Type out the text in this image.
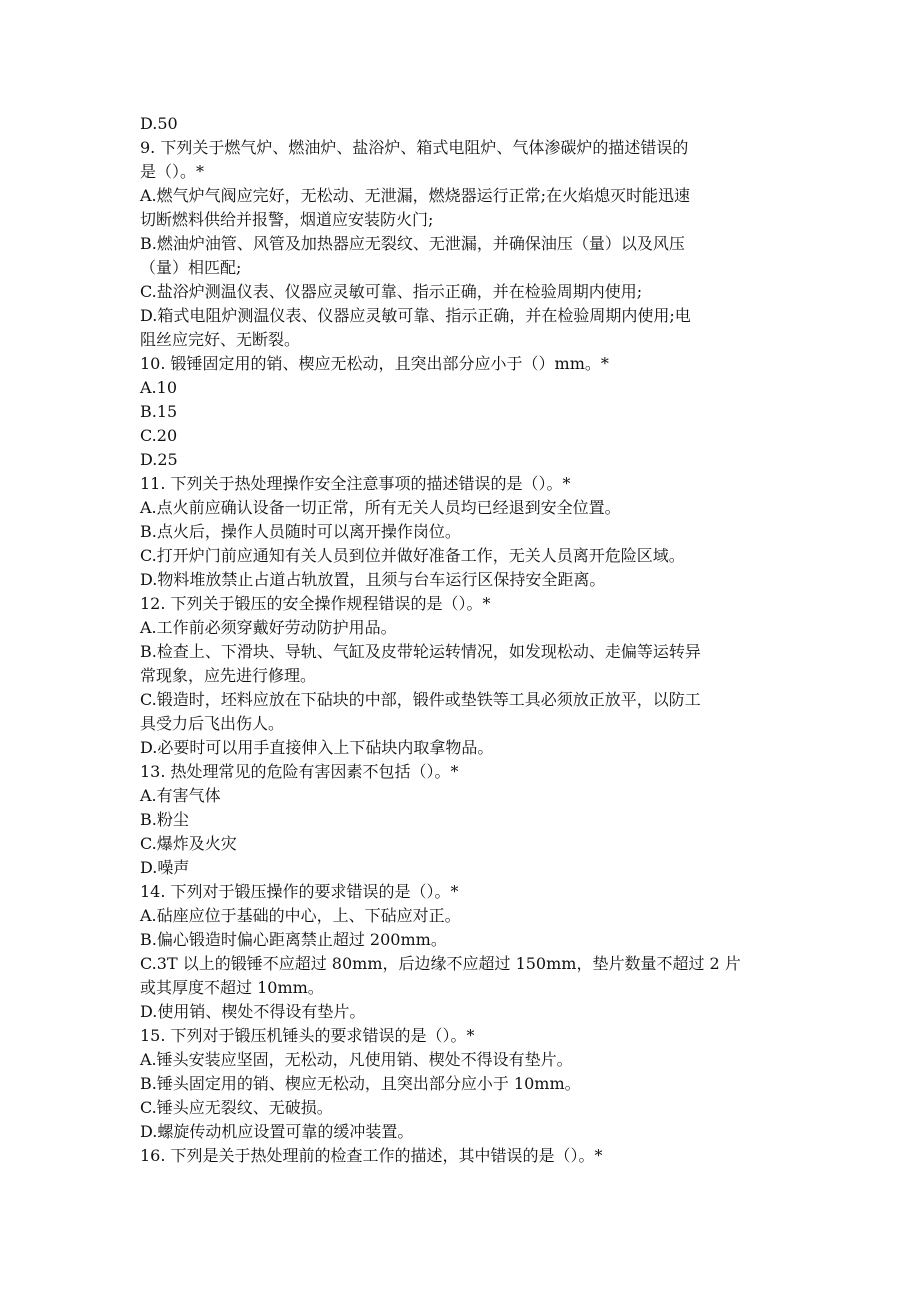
D.50
9. 下列关于燃气炉、燃油炉、盐浴炉、箱式电阻炉、气体渗碳炉的描述错误的
是（）。*
A.燃气炉气阀应完好，无松动、无泄漏，燃烧器运行正常;在火焰熄灭时能迅速
切断燃料供给并报警，烟道应安装防火门;
B.燃油炉油管、风管及加热器应无裂纹、无泄漏，并确保油压（量）以及风压
（量）相匹配;
C.盐浴炉测温仪表、仪器应灵敏可靠、指示正确，并在检验周期内使用;
D.箱式电阻炉测温仪表、仪器应灵敏可靠、指示正确，并在检验周期内使用;电
阻丝应完好、无断裂。
10. 锻锤固定用的销、楔应无松动，且突出部分应小于（）mm。*
A.10
B.15
C.20
D.25
11. 下列关于热处理操作安全注意事项的描述错误的是（）。*
A.点火前应确认设备一切正常，所有无关人员均已经退到安全位置。
B.点火后，操作人员随时可以离开操作岗位。
C.打开炉门前应通知有关人员到位并做好准备工作，无关人员离开危险区域。
D.物料堆放禁止占道占轨放置，且须与台车运行区保持安全距离。
12. 下列关于锻压的安全操作规程错误的是（）。*
A.工作前必须穿戴好劳动防护用品。
B.检查上、下滑块、导轨、气缸及皮带轮运转情况，如发现松动、走偏等运转异
常现象，应先进行修理。
C.锻造时，坯料应放在下砧块的中部，锻件或垫铁等工具必须放正放平，以防工
具受力后飞出伤人。
D.必要时可以用手直接伸入上下砧块内取拿物品。
13. 热处理常见的危险有害因素不包括（）。*
A.有害气体
B.粉尘
C.爆炸及火灾
D.噪声
14. 下列对于锻压操作的要求错误的是（）。*
A.砧座应位于基础的中心，上、下砧应对正。
B.偏心锻造时偏心距离禁止超过 200mm。
C.3T 以上的锻锤不应超过 80mm，后边缘不应超过 150mm，垫片数量不超过 2 片
或其厚度不超过 10mm。
D.使用销、楔处不得设有垫片。
15. 下列对于锻压机锤头的要求错误的是（）。*
A.锤头安装应坚固，无松动，凡使用销、楔处不得设有垫片。
B.锤头固定用的销、楔应无松动，且突出部分应小于 10mm。
C.锤头应无裂纹、无破损。
D.螺旋传动机应设置可靠的缓冲装置。
16. 下列是关于热处理前的检查工作的描述，其中错误的是（）。*
